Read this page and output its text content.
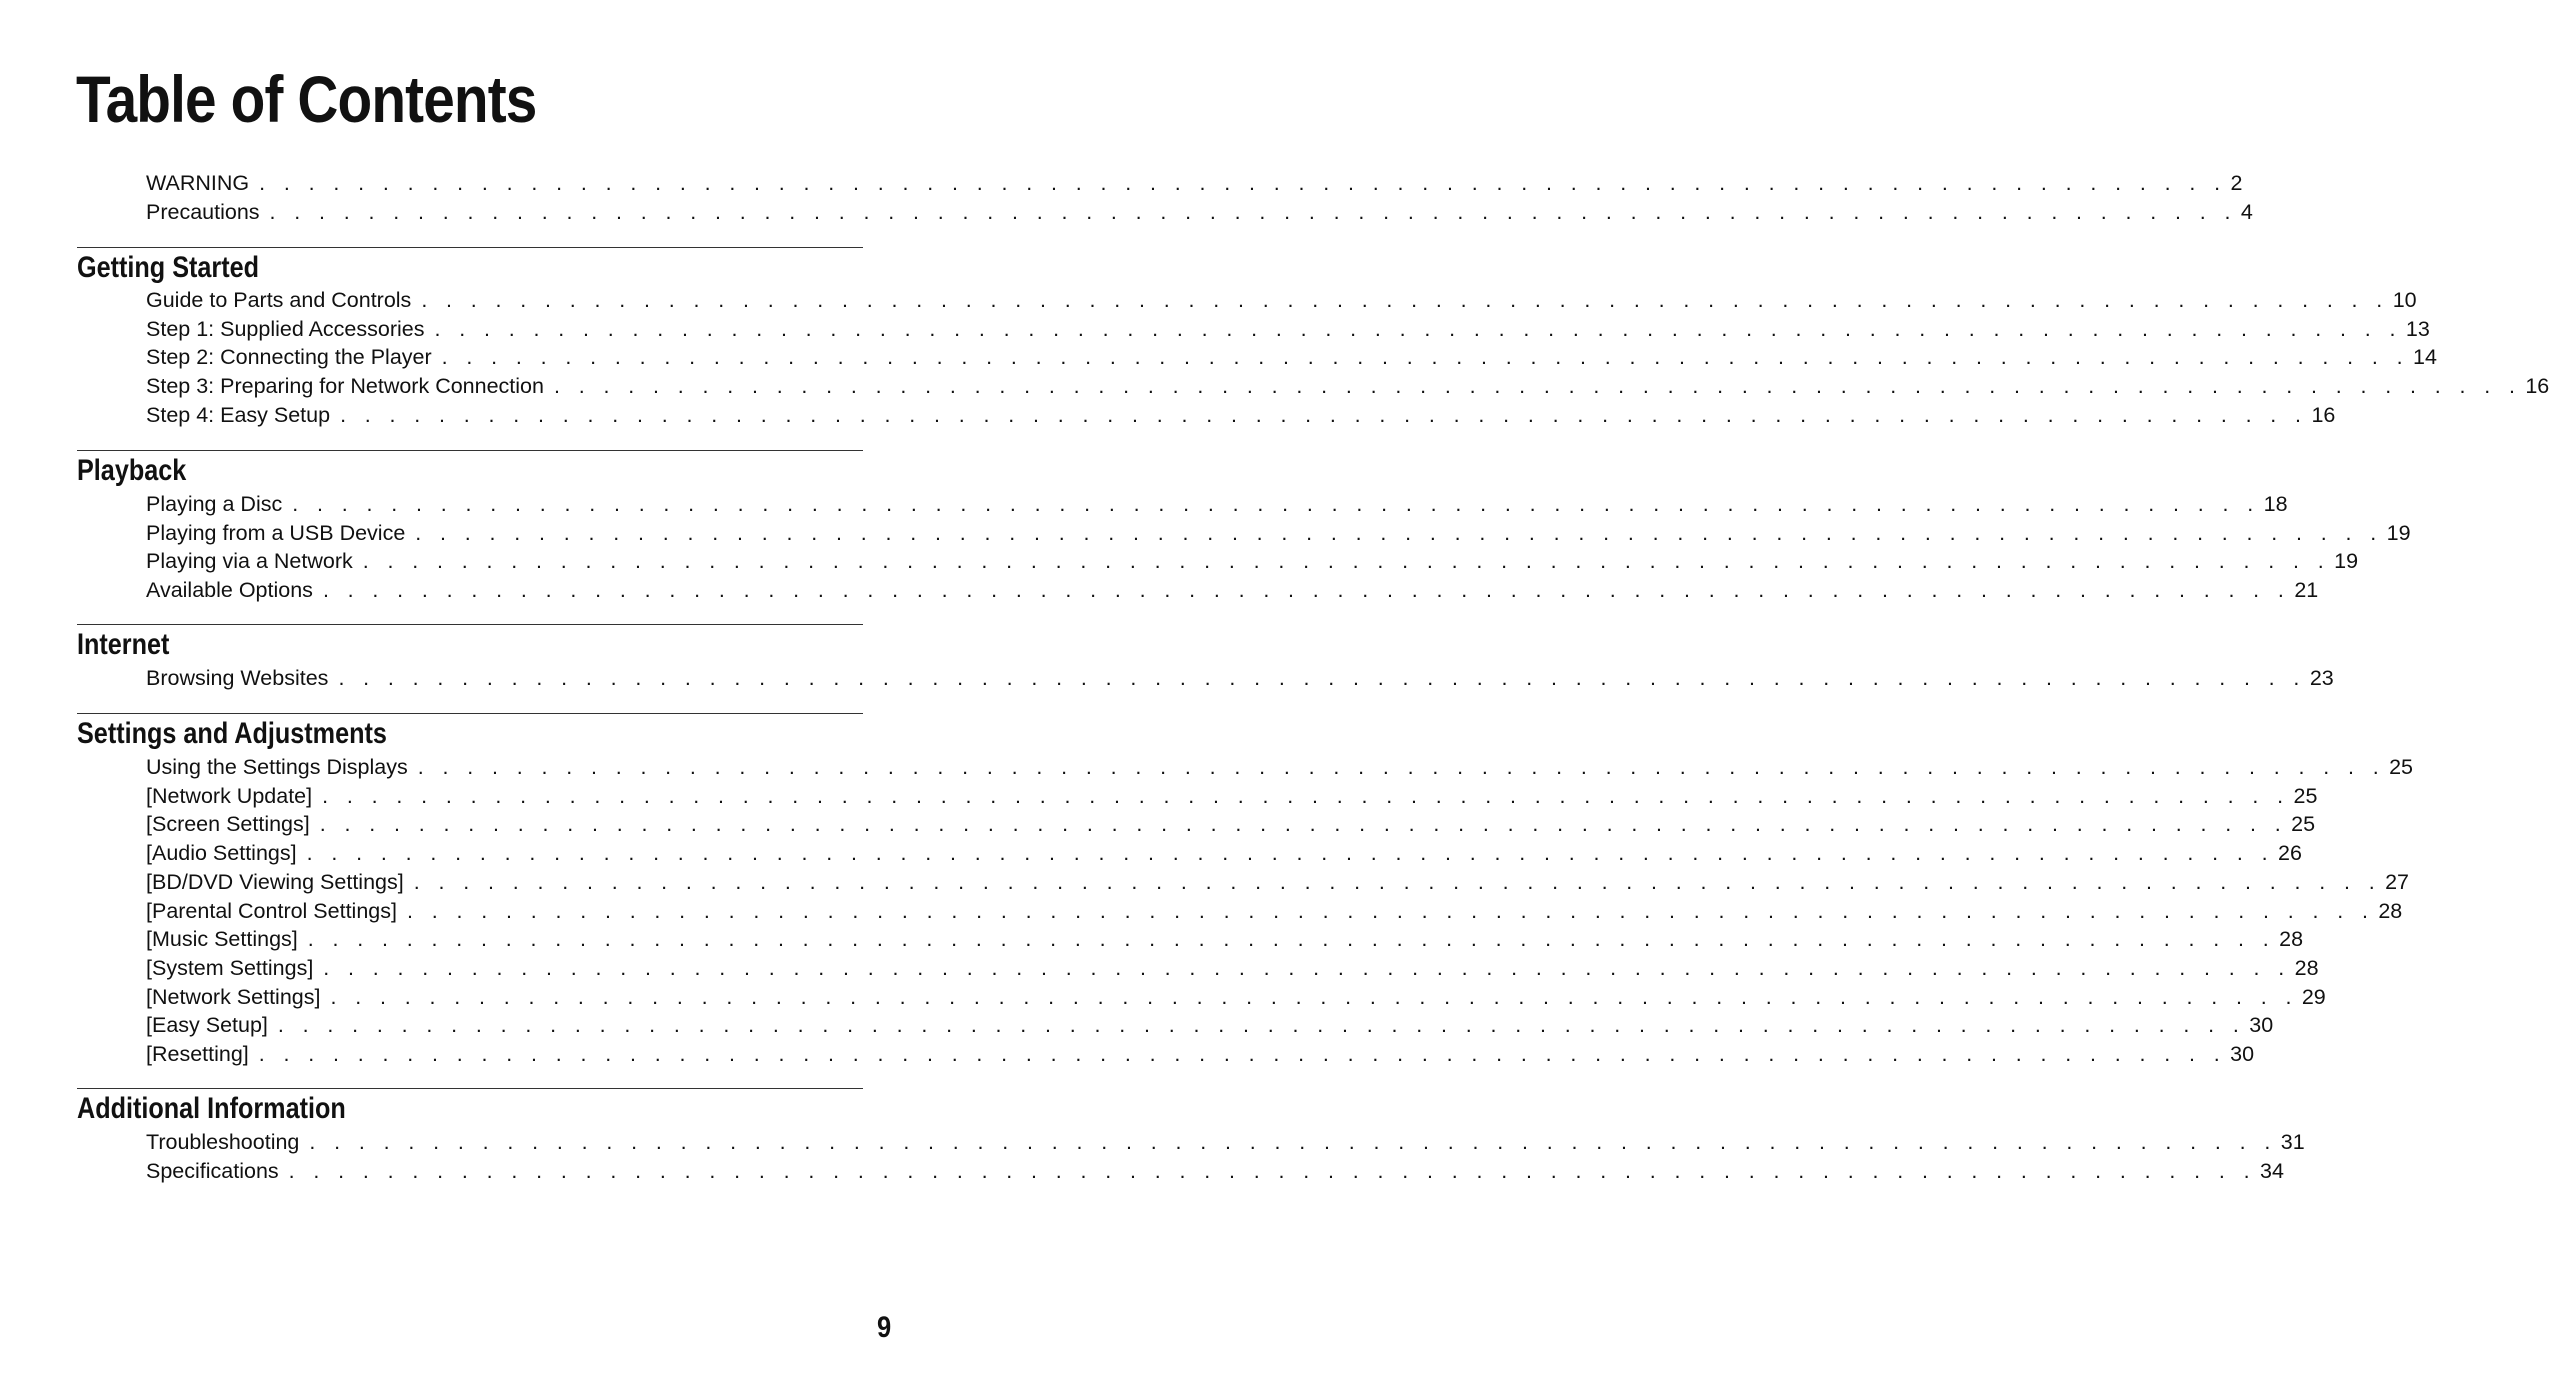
Table of Contents
WARNING . . . . . . . . . . . . . . . . . . . . . . . . . . . . . . . . . . . . . . . . . . . . . . . . . . . . . . . . . . . . . . . . . . . . . . . . . . . . . . . . 2
Precautions . . . . . . . . . . . . . . . . . . . . . . . . . . . . . . . . . . . . . . . . . . . . . . . . . . . . . . . . . . . . . . . . . . . . . . . . . . . . . . . . 4
Getting Started
Guide to Parts and Controls . . . . . . . . . . . . . . . . . . . . . . . . . . . . . . . . . . . . . . . . . . . . . . . . . . . . . . . . . . . . . . . . . . . . . . . . . . . . . . . . 10
Step 1: Supplied Accessories . . . . . . . . . . . . . . . . . . . . . . . . . . . . . . . . . . . . . . . . . . . . . . . . . . . . . . . . . . . . . . . . . . . . . . . . . . . . . . . . 13
Step 2: Connecting the Player . . . . . . . . . . . . . . . . . . . . . . . . . . . . . . . . . . . . . . . . . . . . . . . . . . . . . . . . . . . . . . . . . . . . . . . . . . . . . . . . 14
Step 3: Preparing for Network Connection . . . . . . . . . . . . . . . . . . . . . . . . . . . . . . . . . . . . . . . . . . . . . . . . . . . . . . . . . . . . . . . . . . . . . . . . . . . . . . . . 16
Step 4: Easy Setup . . . . . . . . . . . . . . . . . . . . . . . . . . . . . . . . . . . . . . . . . . . . . . . . . . . . . . . . . . . . . . . . . . . . . . . . . . . . . . . . 16
Playback
Playing a Disc . . . . . . . . . . . . . . . . . . . . . . . . . . . . . . . . . . . . . . . . . . . . . . . . . . . . . . . . . . . . . . . . . . . . . . . . . . . . . . . . 18
Playing from a USB Device . . . . . . . . . . . . . . . . . . . . . . . . . . . . . . . . . . . . . . . . . . . . . . . . . . . . . . . . . . . . . . . . . . . . . . . . . . . . . . . . 19
Playing via a Network . . . . . . . . . . . . . . . . . . . . . . . . . . . . . . . . . . . . . . . . . . . . . . . . . . . . . . . . . . . . . . . . . . . . . . . . . . . . . . . . 19
Available Options . . . . . . . . . . . . . . . . . . . . . . . . . . . . . . . . . . . . . . . . . . . . . . . . . . . . . . . . . . . . . . . . . . . . . . . . . . . . . . . . 21
Internet
Browsing Websites . . . . . . . . . . . . . . . . . . . . . . . . . . . . . . . . . . . . . . . . . . . . . . . . . . . . . . . . . . . . . . . . . . . . . . . . . . . . . . . . 23
Settings and Adjustments
Using the Settings Displays . . . . . . . . . . . . . . . . . . . . . . . . . . . . . . . . . . . . . . . . . . . . . . . . . . . . . . . . . . . . . . . . . . . . . . . . . . . . . . . . 25
[Network Update] . . . . . . . . . . . . . . . . . . . . . . . . . . . . . . . . . . . . . . . . . . . . . . . . . . . . . . . . . . . . . . . . . . . . . . . . . . . . . . . . 25
[Screen Settings] . . . . . . . . . . . . . . . . . . . . . . . . . . . . . . . . . . . . . . . . . . . . . . . . . . . . . . . . . . . . . . . . . . . . . . . . . . . . . . . . 25
[Audio Settings] . . . . . . . . . . . . . . . . . . . . . . . . . . . . . . . . . . . . . . . . . . . . . . . . . . . . . . . . . . . . . . . . . . . . . . . . . . . . . . . . 26
[BD/DVD Viewing Settings] . . . . . . . . . . . . . . . . . . . . . . . . . . . . . . . . . . . . . . . . . . . . . . . . . . . . . . . . . . . . . . . . . . . . . . . . . . . . . . . . 27
[Parental Control Settings] . . . . . . . . . . . . . . . . . . . . . . . . . . . . . . . . . . . . . . . . . . . . . . . . . . . . . . . . . . . . . . . . . . . . . . . . . . . . . . . . 28
[Music Settings] . . . . . . . . . . . . . . . . . . . . . . . . . . . . . . . . . . . . . . . . . . . . . . . . . . . . . . . . . . . . . . . . . . . . . . . . . . . . . . . . 28
[System Settings] . . . . . . . . . . . . . . . . . . . . . . . . . . . . . . . . . . . . . . . . . . . . . . . . . . . . . . . . . . . . . . . . . . . . . . . . . . . . . . . . 28
[Network Settings] . . . . . . . . . . . . . . . . . . . . . . . . . . . . . . . . . . . . . . . . . . . . . . . . . . . . . . . . . . . . . . . . . . . . . . . . . . . . . . . . 29
[Easy Setup] . . . . . . . . . . . . . . . . . . . . . . . . . . . . . . . . . . . . . . . . . . . . . . . . . . . . . . . . . . . . . . . . . . . . . . . . . . . . . . . . 30
[Resetting] . . . . . . . . . . . . . . . . . . . . . . . . . . . . . . . . . . . . . . . . . . . . . . . . . . . . . . . . . . . . . . . . . . . . . . . . . . . . . . . . 30
Additional Information
Troubleshooting . . . . . . . . . . . . . . . . . . . . . . . . . . . . . . . . . . . . . . . . . . . . . . . . . . . . . . . . . . . . . . . . . . . . . . . . . . . . . . . . 31
Specifications . . . . . . . . . . . . . . . . . . . . . . . . . . . . . . . . . . . . . . . . . . . . . . . . . . . . . . . . . . . . . . . . . . . . . . . . . . . . . . . . 34
9
